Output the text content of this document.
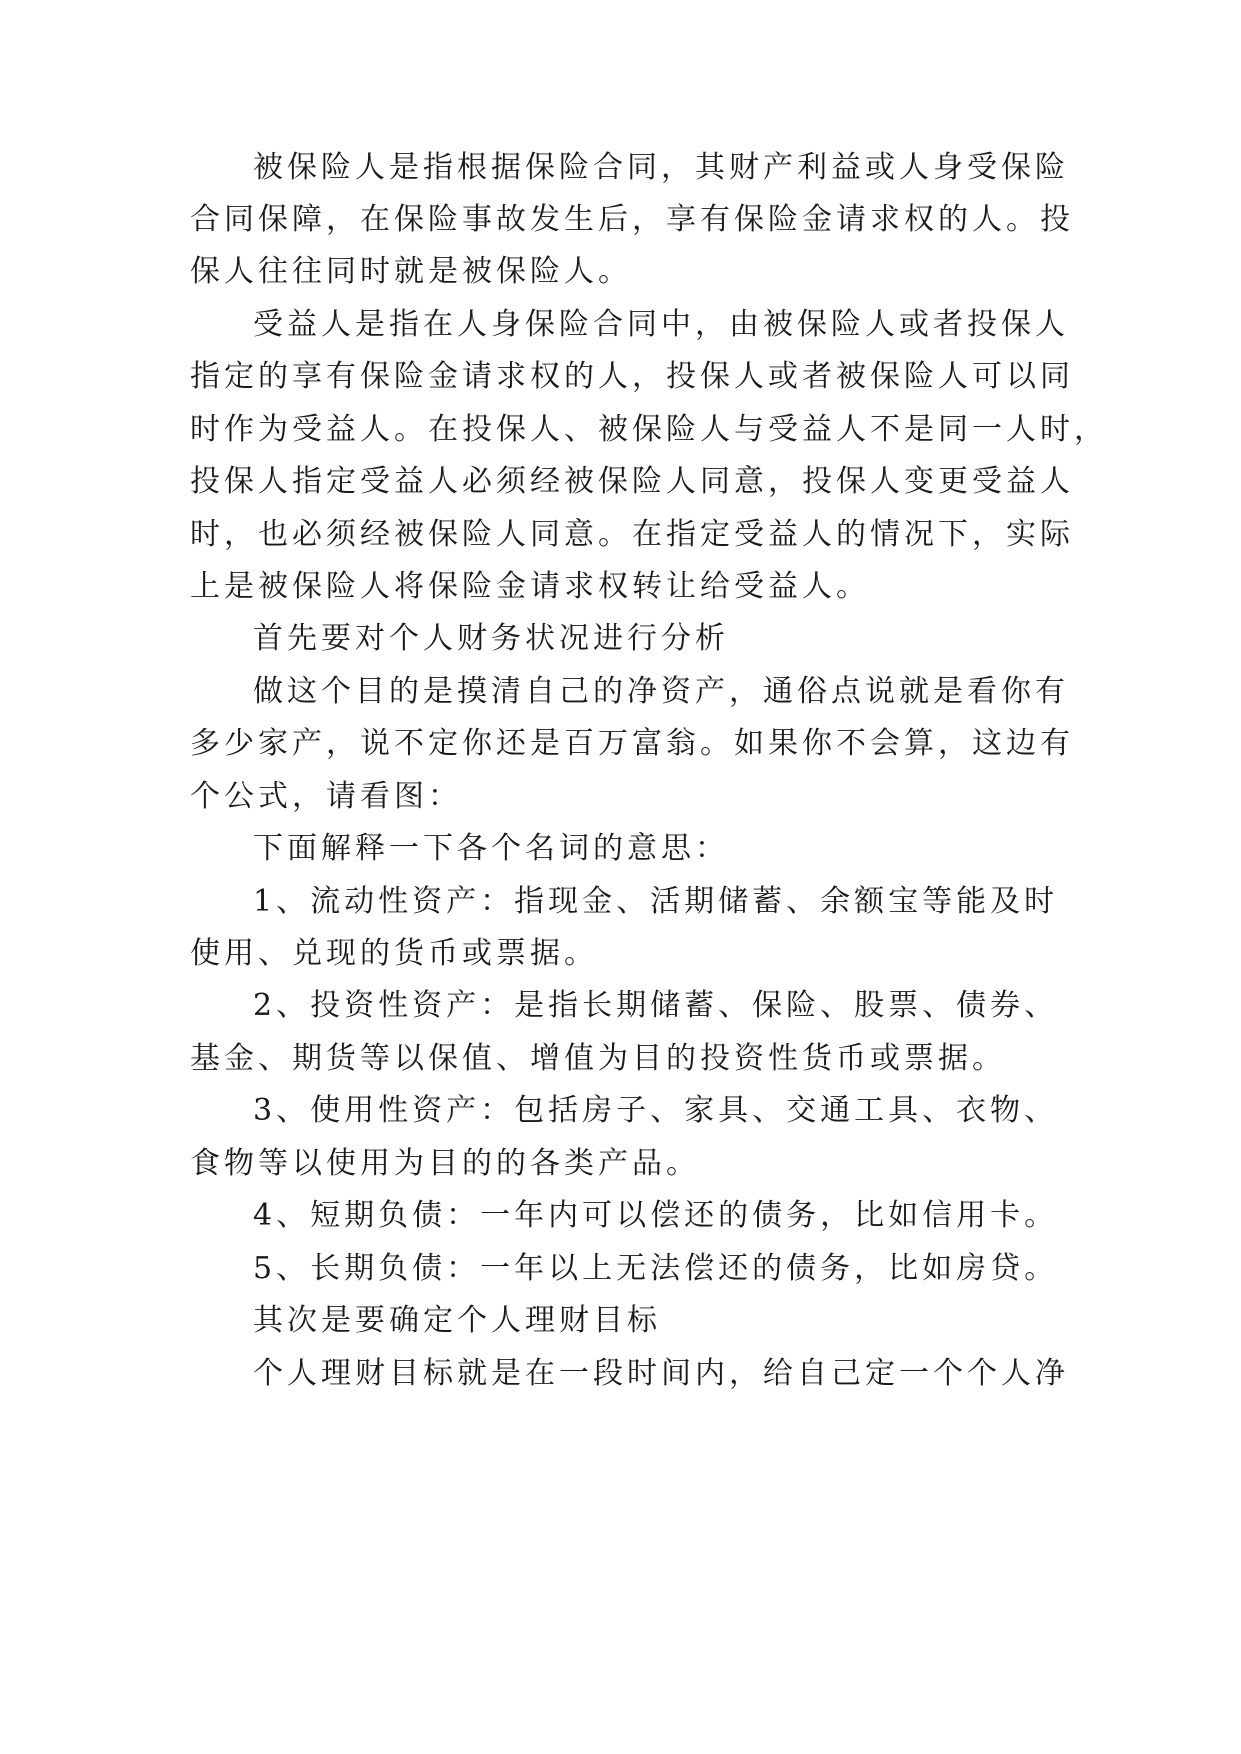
被保险人是指根据保险合同，其财产利益或人身受保险
合同保障，在保险事故发生后，享有保险金请求权的人。投
保人往往同时就是被保险人。
受益人是指在人身保险合同中，由被保险人或者投保人
指定的享有保险金请求权的人，投保人或者被保险人可以同
时作为受益人。在投保人、被保险人与受益人不是同一人时，
投保人指定受益人必须经被保险人同意，投保人变更受益人
时，也必须经被保险人同意。在指定受益人的情况下，实际
上是被保险人将保险金请求权转让给受益人。
首先要对个人财务状况进行分析
做这个目的是摸清自己的净资产，通俗点说就是看你有
多少家产，说不定你还是百万富翁。如果你不会算，这边有
个公式，请看图：
下面解释一下各个名词的意思：
1、流动性资产：指现金、活期储蓄、余额宝等能及时
使用、兑现的货币或票据。
2、投资性资产：是指长期储蓄、保险、股票、债券、
基金、期货等以保值、增值为目的投资性货币或票据。
3、使用性资产：包括房子、家具、交通工具、衣物、
食物等以使用为目的的各类产品。
4、短期负债：一年内可以偿还的债务，比如信用卡。
5、长期负债：一年以上无法偿还的债务，比如房贷。
其次是要确定个人理财目标
个人理财目标就是在一段时间内，给自己定一个个人净
